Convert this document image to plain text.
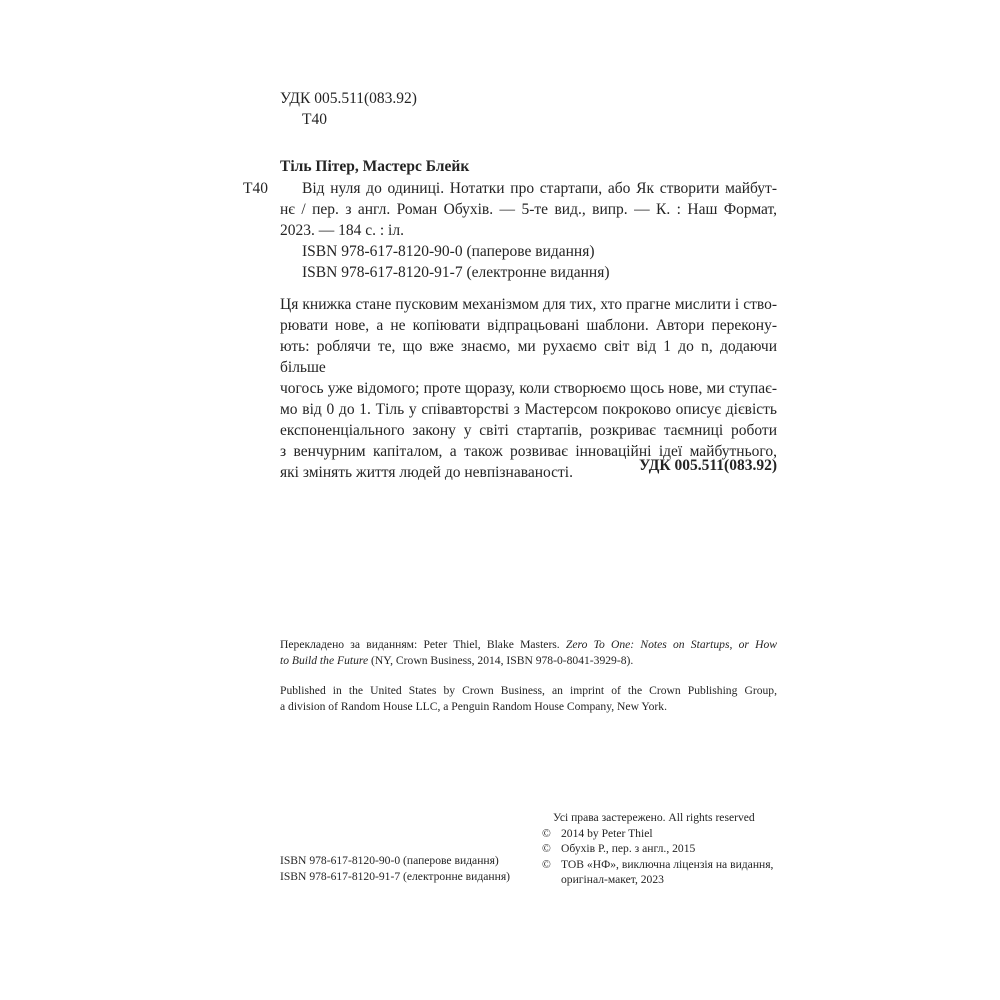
УДК 005.511(083.92)
Т40
Тіль Пітер, Мастерс Блейк
Т40	Від нуля до одиниці. Нотатки про стартапи, або Як створити майбут-
нє / пер. з англ. Роман Обухів. — 5-те вид., випр. — К. : Наш Формат,
2023. — 184 с. : іл.
ISBN 978-617-8120-90-0 (паперове видання)
ISBN 978-617-8120-91-7 (електронне видання)
Ця книжка стане пусковим механізмом для тих, хто прагне мислити і ство-
рювати нове, а не копіювати відпрацьовані шаблони. Автори перекону-
ють: роблячи те, що вже знаємо, ми рухаємо світ від 1 до n, додаючи більше
чогось уже відомого; проте щоразу, коли створюємо щось нове, ми ступає-
мо від 0 до 1. Тіль у співавторстві з Мастерсом покроково описує дієвість
експоненціального закону у світі стартапів, розкриває таємниці роботи
з венчурним капіталом, а також розвиває інноваційні ідеї майбутнього,
які змінять життя людей до невпізнаваності.	УДК 005.511(083.92)
Перекладено за виданням: Peter Thiel, Blake Masters. Zero To One: Notes on Startups, or How
to Build the Future (NY, Crown Business, 2014, ISBN 978-0-8041-3929-8).
Published in the United States by Crown Business, an imprint of the Crown Publishing Group,
a division of Random House LLC, a Penguin Random House Company, New York.
Усі права застережено. All rights reserved
© 2014 by Peter Thiel
© Обухів Р., пер. з англ., 2015
© ТОВ «НФ», виключна ліцензія на видання,
оригінал-макет, 2023
ISBN 978-617-8120-90-0 (паперове видання)
ISBN 978-617-8120-91-7 (електронне видання)
